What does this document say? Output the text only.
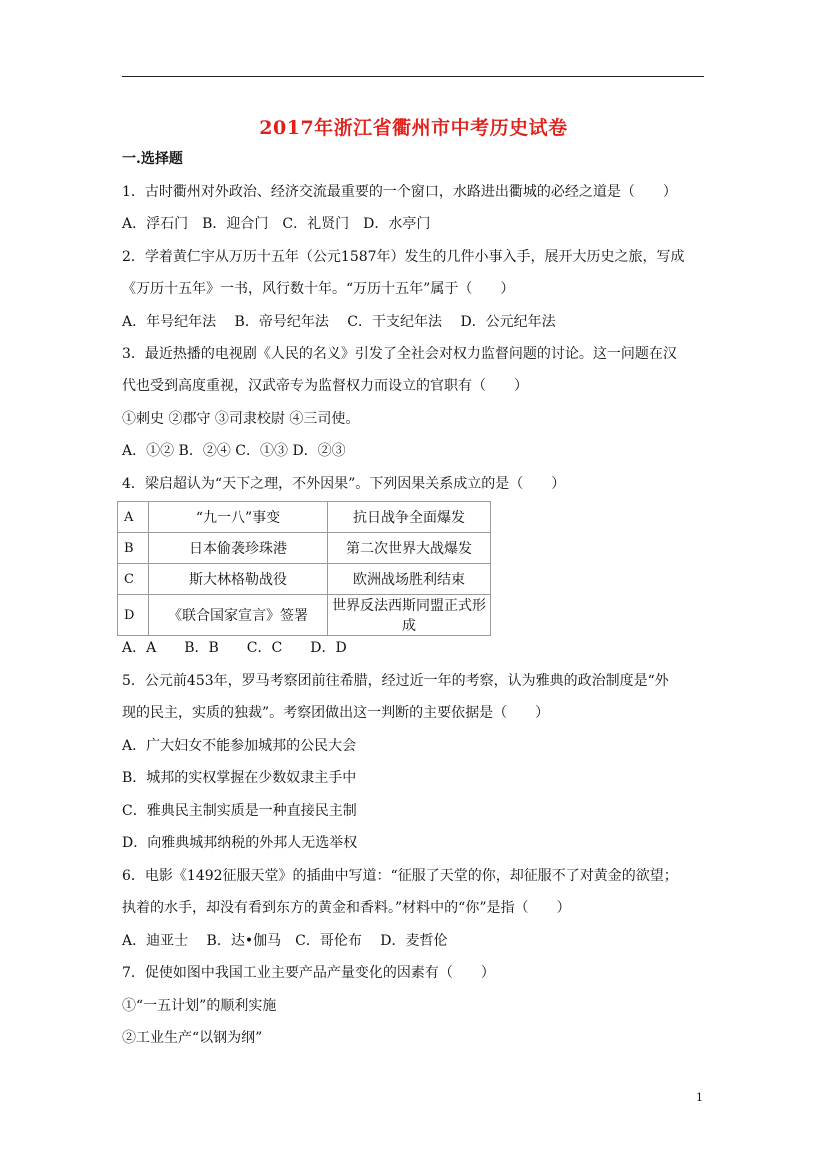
2017年浙江省衢州市中考历史试卷
一.选择题
1．古时衢州对外政治、经济交流最重要的一个窗口，水路进出衢城的必经之道是（　　）
A．浮石门　B．迎合门　C．礼贤门　D．水亭门
2．学着黄仁宇从万历十五年（公元1587年）发生的几件小事入手，展开大历史之旅，写成
《万历十五年》一书，风行数十年。“万历十五年”属于（　　）
A．年号纪年法　 B．帝号纪年法　 C．干支纪年法　 D．公元纪年法
3．最近热播的电视剧《人民的名义》引发了全社会对权力监督问题的讨论。这一问题在汉
代也受到高度重视，汉武帝专为监督权力而设立的官职有（　　）
①刺史 ②郡守 ③司隶校尉 ④三司使。
A．①② B．②④ C．①③ D．②③
4．梁启超认为“天下之理，不外因果”。下列因果关系成立的是（　　）
A	“九一八”事变	抗日战争全面爆发
B	日本偷袭珍珠港	第二次世界大战爆发
C	斯大林格勒战役	欧洲战场胜利结束
D	《联合国家宣言》签署	世界反法西斯同盟正式形成
A．A　　B．B　　C．C　　D．D
5．公元前453年，罗马考察团前往希腊，经过近一年的考察，认为雅典的政治制度是“外
现的民主，实质的独裁”。考察团做出这一判断的主要依据是（　　）
A．广大妇女不能参加城邦的公民大会
B．城邦的实权掌握在少数奴隶主手中
C．雅典民主制实质是一种直接民主制
D．向雅典城邦纳税的外邦人无选举权
6．电影《1492征服天堂》的插曲中写道：“征服了天堂的你，却征服不了对黄金的欲望；
执着的水手，却没有看到东方的黄金和香料。”材料中的“你”是指（　　）
A．迪亚士　 B．达•伽马　C．哥伦布　 D．麦哲伦
7．促使如图中我国工业主要产品产量变化的因素有（　　）
①“一五计划”的顺利实施
②工业生产“以钢为纲”
1
